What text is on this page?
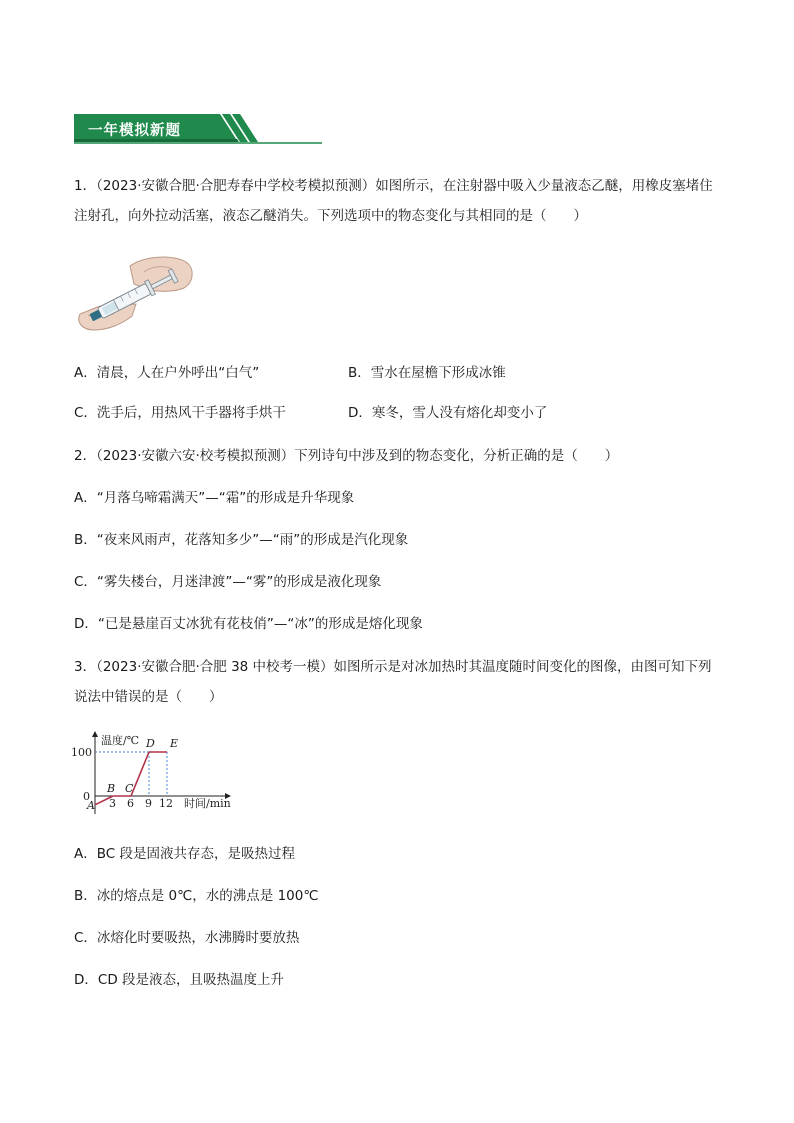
一年模拟新题
1．（2023·安徽合肥·合肥寿春中学校考模拟预测）如图所示，在注射器中吸入少量液态乙醚，用橡皮塞堵住
注射孔，向外拉动活塞，液态乙醚消失。下列选项中的物态变化与其相同的是（　　）
A．清晨，人在户外呼出“白气”	B．雪水在屋檐下形成冰锥
C．洗手后，用热风干手器将手烘干	D．寒冬，雪人没有熔化却变小了
2．（2023·安徽六安·校考模拟预测）下列诗句中涉及到的物态变化，分析正确的是（　　）
A．“月落乌啼霜满天”—“霜”的形成是升华现象
B．“夜来风雨声，花落知多少”—“雨”的形成是汽化现象
C．“雾失楼台，月迷津渡”—“雾”的形成是液化现象
D．“已是悬崖百丈冰犹有花枝俏”—“冰”的形成是熔化现象
3．（2023·安徽合肥·合肥 38 中校考一模）如图所示是对冰加热时其温度随时间变化的图像，由图可知下列
说法中错误的是（　　）
温度/℃
时间/min
100
0
3 6 9 12
A
B C
D E
A．BC 段是固液共存态，是吸热过程
B．冰的熔点是 0℃，水的沸点是 100℃
C．冰熔化时要吸热，水沸腾时要放热
D．CD 段是液态，且吸热温度上升
